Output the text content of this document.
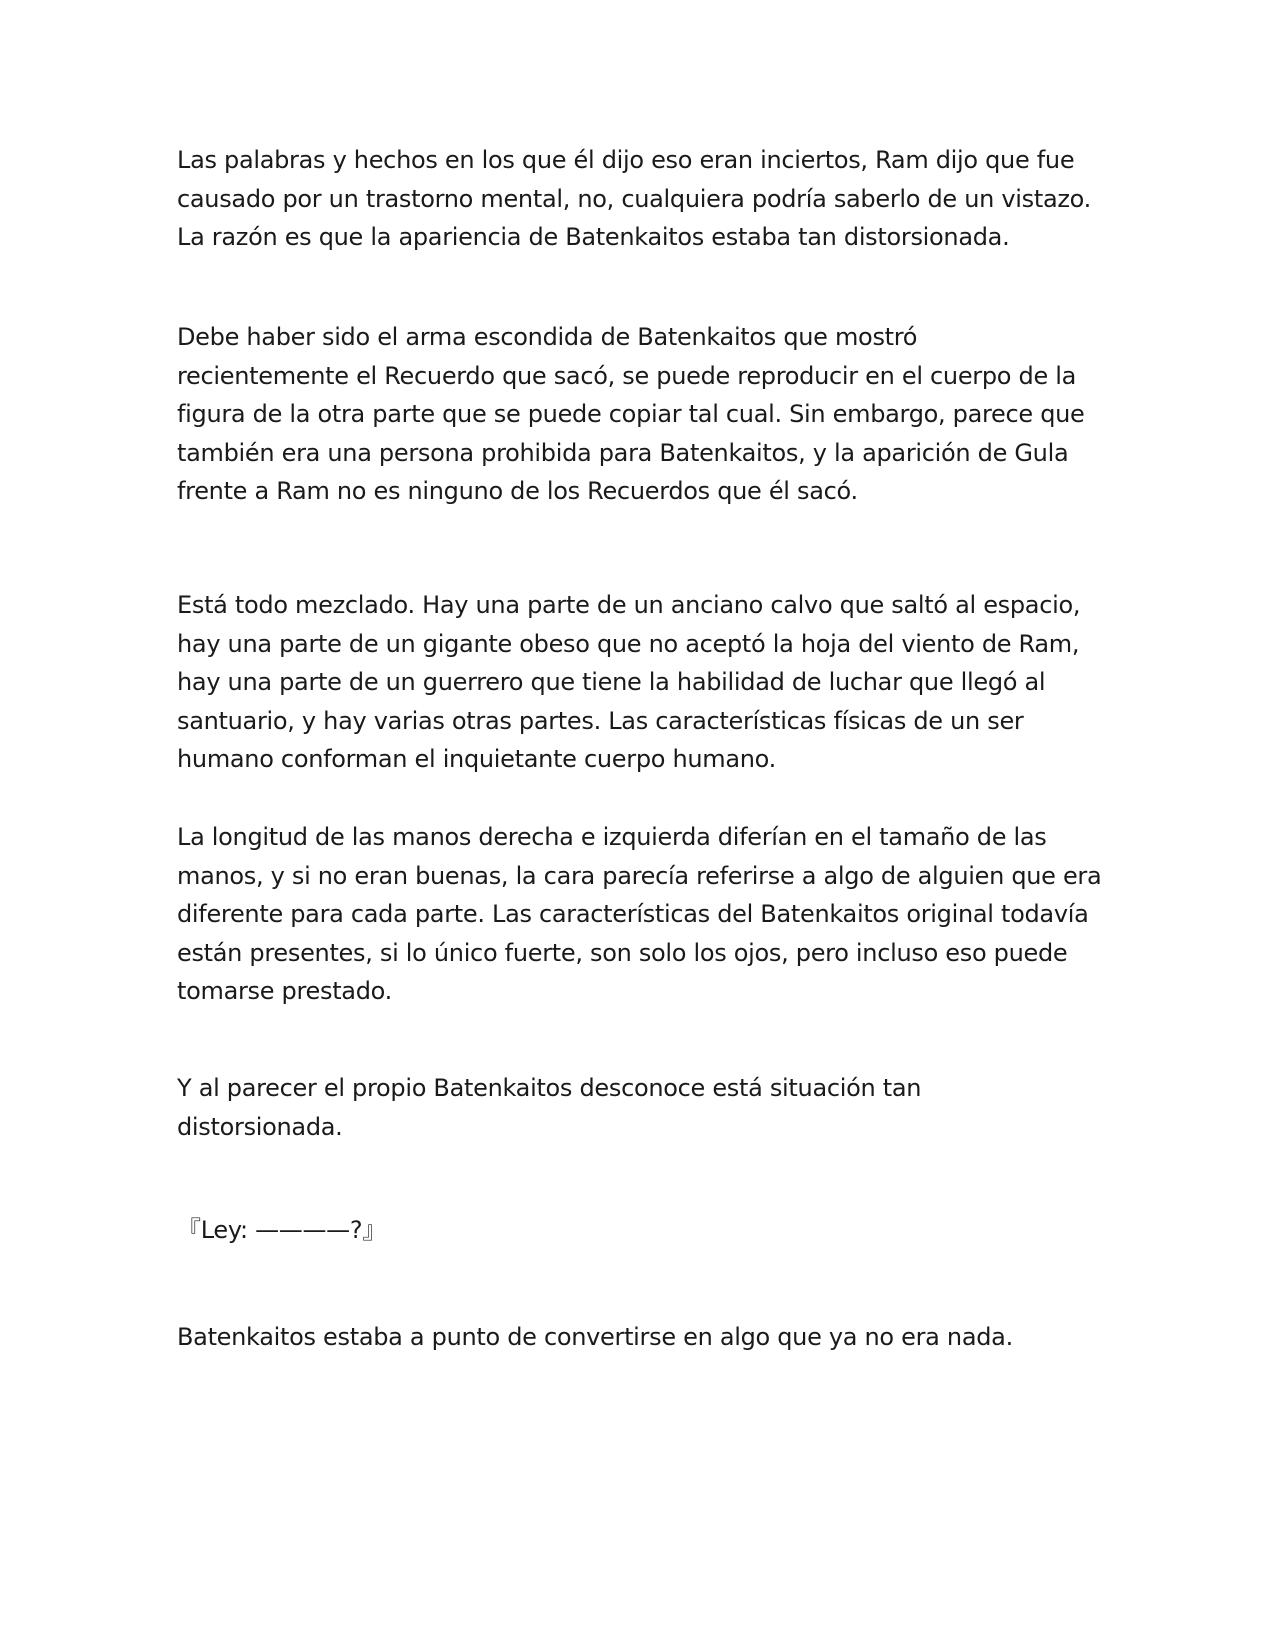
Las palabras y hechos en los que él dijo eso eran inciertos, Ram dijo que fue
causado por un trastorno mental, no, cualquiera podría saberlo de un vistazo.
La razón es que la apariencia de Batenkaitos estaba tan distorsionada.

Debe haber sido el arma escondida de Batenkaitos que mostró
recientemente el Recuerdo que sacó, se puede reproducir en el cuerpo de la
figura de la otra parte que se puede copiar tal cual. Sin embargo, parece que
también era una persona prohibida para Batenkaitos, y la aparición de Gula
frente a Ram no es ninguno de los Recuerdos que él sacó.

Está todo mezclado. Hay una parte de un anciano calvo que saltó al espacio,
hay una parte de un gigante obeso que no aceptó la hoja del viento de Ram,
hay una parte de un guerrero que tiene la habilidad de luchar que llegó al
santuario, y hay varias otras partes. Las características físicas de un ser
humano conforman el inquietante cuerpo humano.

La longitud de las manos derecha e izquierda diferían en el tamaño de las
manos, y si no eran buenas, la cara parecía referirse a algo de alguien que era
diferente para cada parte. Las características del Batenkaitos original todavía
están presentes, si lo único fuerte, son solo los ojos, pero incluso eso puede
tomarse prestado.

Y al parecer el propio Batenkaitos desconoce está situación tan
distorsionada.

『Ley: ————?』

Batenkaitos estaba a punto de convertirse en algo que ya no era nada.
